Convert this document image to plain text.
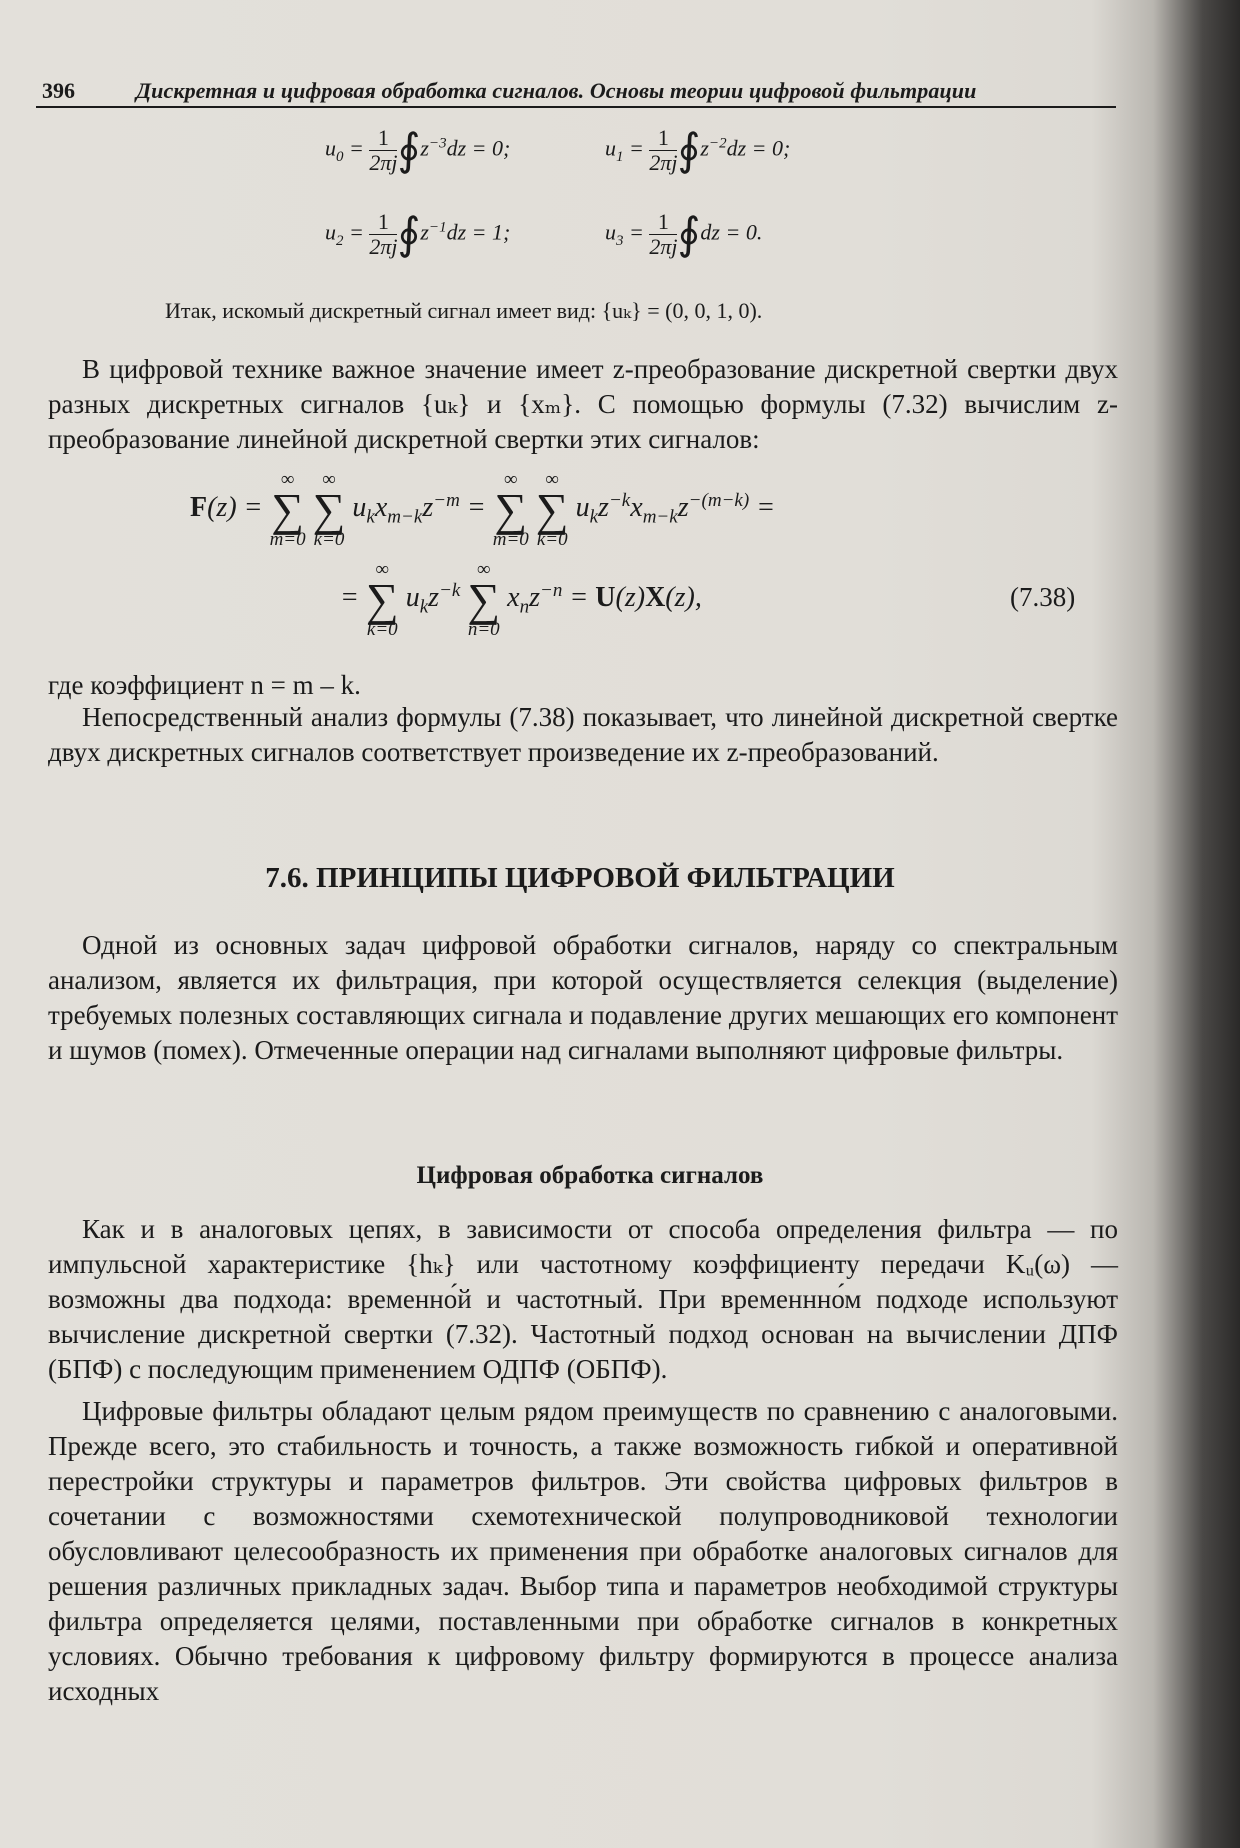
396	Дискретная и цифровая обработка сигналов. Основы теории цифровой фильтрации
$u_0 = \frac{1}{2\pi j}$ $∮z^{-3}dz = 0$;	$u_1 = \frac{1}{2\pi j}$ $∮z^{-2}dz = 0$;
$u_2 = \frac{1}{2\pi j}$ $∮z^{-1}dz = 1$;	$u_3 = \frac{1}{2\pi j}$ ∮dz = 0.
Итак, искомый дискретный сигнал имеет вид: {uₖ} = (0, 0, 1, 0).
В цифровой технике важное значение имеет z-преобразование дискретной свертки двух разных дискретных сигналов {uₖ} и {xₘ}. С помощью формулы (7.32) вычислим z-преобразование линейной дискретной свертки этих сигналов:
F(z) =
∞
∑
m=0

∞
∑
k=0
$u_kx_{m-k}z^{-m}$ =
∞
∑
m=0

∞
∑
k=0
$u_kz^{-k}x_{m-k}z^{-(m-k)}$ =
=
∞
∑
k=0
$u_kz^{-k}$
∞
∑
n=0
$x_nz^{-n} = U(z)X(z)$,	(7.38)
где коэффициент n = m – k.
Непосредственный анализ формулы (7.38) показывает, что линейной дискретной свертке двух дискретных сигналов соответствует произведение их z-преобразований.
7.6. ПРИНЦИПЫ ЦИФРОВОЙ ФИЛЬТРАЦИИ
Одной из основных задач цифровой обработки сигналов, наряду со спектральным анализом, является их фильтрация, при которой осуществляется селекция (выделение) требуемых полезных составляющих сигнала и подавление других мешающих его компонент и шумов (помех). Отмеченные операции над сигналами выполняют цифровые фильтры.
Цифровая обработка сигналов
Как и в аналоговых цепях, в зависимости от способа определения фильтра — по импульсной характеристике {hₖ} или частотному коэффициенту передачи Kᵤ(ω) — возможны два подхода: временно́й и частотный. При временнно́м подходе используют вычисление дискретной свертки (7.32). Частотный подход основан на вычислении ДПФ (БПФ) с последующим применением ОДПФ (ОБПФ).
Цифровые фильтры обладают целым рядом преимуществ по сравнению с аналоговыми. Прежде всего, это стабильность и точность, а также возможность гибкой и оперативной перестройки структуры и параметров фильтров. Эти свойства цифровых фильтров в сочетании с возможностями схемотехнической полупроводниковой технологии обусловливают целесообразность их применения при обработке аналоговых сигналов для решения различных прикладных задач. Выбор типа и параметров необходимой структуры фильтра определяется целями, поставленными при обработке сигналов в конкретных условиях. Обычно требования к цифровому фильтру формируются в процессе анализа исходных
